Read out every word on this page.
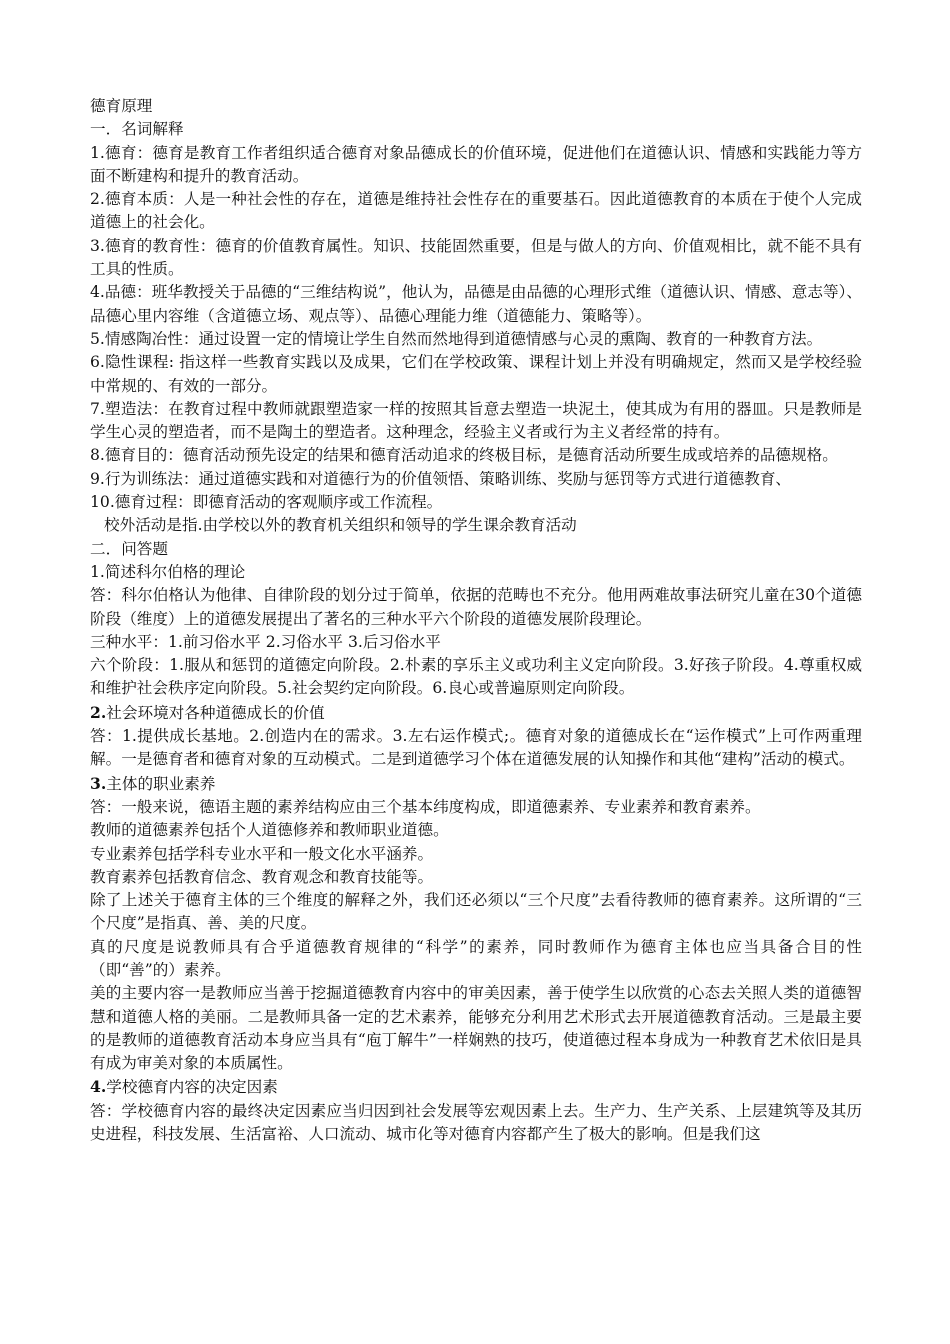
德育原理
一．名词解释
1.德育：德育是教育工作者组织适合德育对象品德成长的价值环境，促进他们在道德认识、情感和实践能力等方面不断建构和提升的教育活动。
2.德育本质：人是一种社会性的存在，道德是维持社会性存在的重要基石。因此道德教育的本质在于使个人完成道德上的社会化。
3.德育的教育性：德育的价值教育属性。知识、技能固然重要，但是与做人的方向、价值观相比，就不能不具有工具的性质。
4.品德：班华教授关于品德的“三维结构说”，他认为，品德是由品德的心理形式维（道德认识、情感、意志等）、品德心里内容维（含道德立场、观点等）、品德心理能力维（道德能力、策略等）。
5.情感陶冶性：通过设置一定的情境让学生自然而然地得到道德情感与心灵的熏陶、教育的一种教育方法。
6.隐性课程: 指这样一些教育实践以及成果，它们在学校政策、课程计划上并没有明确规定，然而又是学校经验中常规的、有效的一部分。
7.塑造法：在教育过程中教师就跟塑造家一样的按照其旨意去塑造一块泥土，使其成为有用的器皿。只是教师是学生心灵的塑造者，而不是陶土的塑造者。这种理念，经验主义者或行为主义者经常的持有。
8.德育目的：德育活动预先设定的结果和德育活动追求的终极目标，是德育活动所要生成或培养的品德规格。
9.行为训练法：通过道德实践和对道德行为的价值领悟、策略训练、奖励与惩罚等方式进行道德教育、
10.德育过程：即德育活动的客观顺序或工作流程。
校外活动是指.由学校以外的教育机关组织和领导的学生课余教育活动
二．问答题
1.简述科尔伯格的理论
答：科尔伯格认为他律、自律阶段的划分过于简单，依据的范畴也不充分。他用两难故事法研究儿童在30个道德阶段（维度）上的道德发展提出了著名的三种水平六个阶段的道德发展阶段理论。
三种水平：1.前习俗水平 2.习俗水平 3.后习俗水平
六个阶段：1.服从和惩罚的道德定向阶段。2.朴素的享乐主义或功利主义定向阶段。3.好孩子阶段。4.尊重权威和维护社会秩序定向阶段。5.社会契约定向阶段。6.良心或普遍原则定向阶段。
2.社会环境对各种道德成长的价值
答：1.提供成长基地。2.创造内在的需求。3.左右运作模式;。德育对象的道德成长在“运作模式”上可作两重理解。一是德育者和德育对象的互动模式。二是到道德学习个体在道德发展的认知操作和其他“建构”活动的模式。
3.主体的职业素养
答：一般来说，德语主题的素养结构应由三个基本纬度构成，即道德素养、专业素养和教育素养。
教师的道德素养包括个人道德修养和教师职业道德。
专业素养包括学科专业水平和一般文化水平涵养。
教育素养包括教育信念、教育观念和教育技能等。
除了上述关于德育主体的三个维度的解释之外，我们还必须以“三个尺度”去看待教师的德育素养。这所谓的“三个尺度”是指真、善、美的尺度。
真的尺度是说教师具有合乎道德教育规律的“科学”的素养，同时教师作为德育主体也应当具备合目的性（即“善”的）素养。
美的主要内容一是教师应当善于挖掘道德教育内容中的审美因素，善于使学生以欣赏的心态去关照人类的道德智慧和道德人格的美丽。二是教师具备一定的艺术素养，能够充分利用艺术形式去开展道德教育活动。三是最主要的是教师的道德教育活动本身应当具有“庖丁解牛”一样娴熟的技巧，使道德过程本身成为一种教育艺术依旧是具有成为审美对象的本质属性。
4.学校德育内容的决定因素
答：学校德育内容的最终决定因素应当归因到社会发展等宏观因素上去。生产力、生产关系、上层建筑等及其历史进程，科技发展、生活富裕、人口流动、城市化等对德育内容都产生了极大的影响。但是我们这
